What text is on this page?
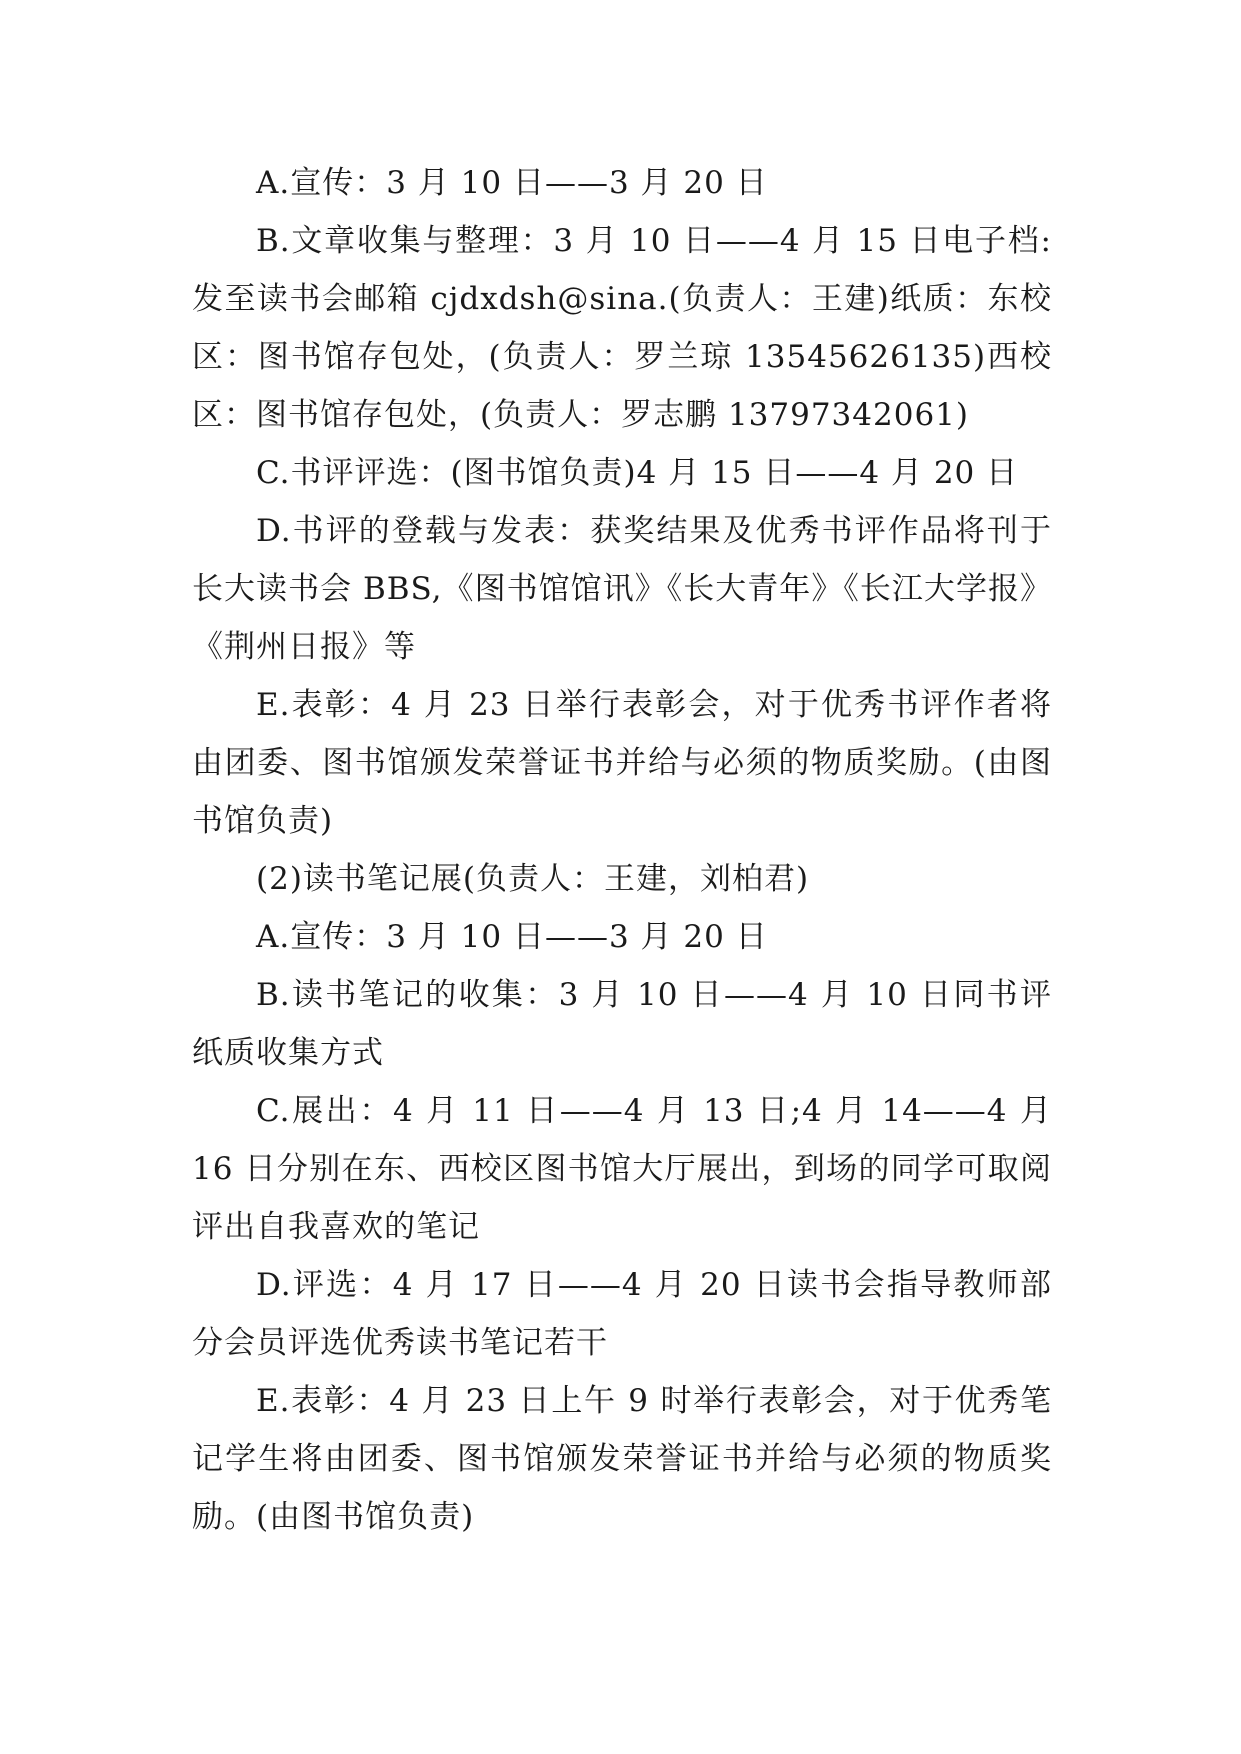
A.宣传：3 月 10 日——3 月 20 日

B.文章收集与整理：3 月 10 日——4 月 15 日电子档:发至读书会邮箱 cjdxdsh@sina.(负责人：王建)纸质：东校区：图书馆存包处，(负责人：罗兰琼 13545626135)西校区：图书馆存包处，(负责人：罗志鹏 13797342061)

C.书评评选：(图书馆负责)4 月 15 日——4 月 20 日

D.书评的登载与发表：获奖结果及优秀书评作品将刊于长大读书会 BBS,《图书馆馆讯》《长大青年》《长江大学报》《荆州日报》等

E.表彰：4 月 23 日举行表彰会，对于优秀书评作者将由团委、图书馆颁发荣誉证书并给与必须的物质奖励。(由图书馆负责)

(2)读书笔记展(负责人：王建，刘柏君)

A.宣传：3 月 10 日——3 月 20 日

B.读书笔记的收集：3 月 10 日——4 月 10 日同书评纸质收集方式

C.展出：4 月 11 日——4 月 13 日;4 月 14——4 月 16 日分别在东、西校区图书馆大厅展出，到场的同学可取阅评出自我喜欢的笔记

D.评选：4 月 17 日——4 月 20 日读书会指导教师部分会员评选优秀读书笔记若干

E.表彰：4 月 23 日上午 9 时举行表彰会，对于优秀笔记学生将由团委、图书馆颁发荣誉证书并给与必须的物质奖励。(由图书馆负责)
